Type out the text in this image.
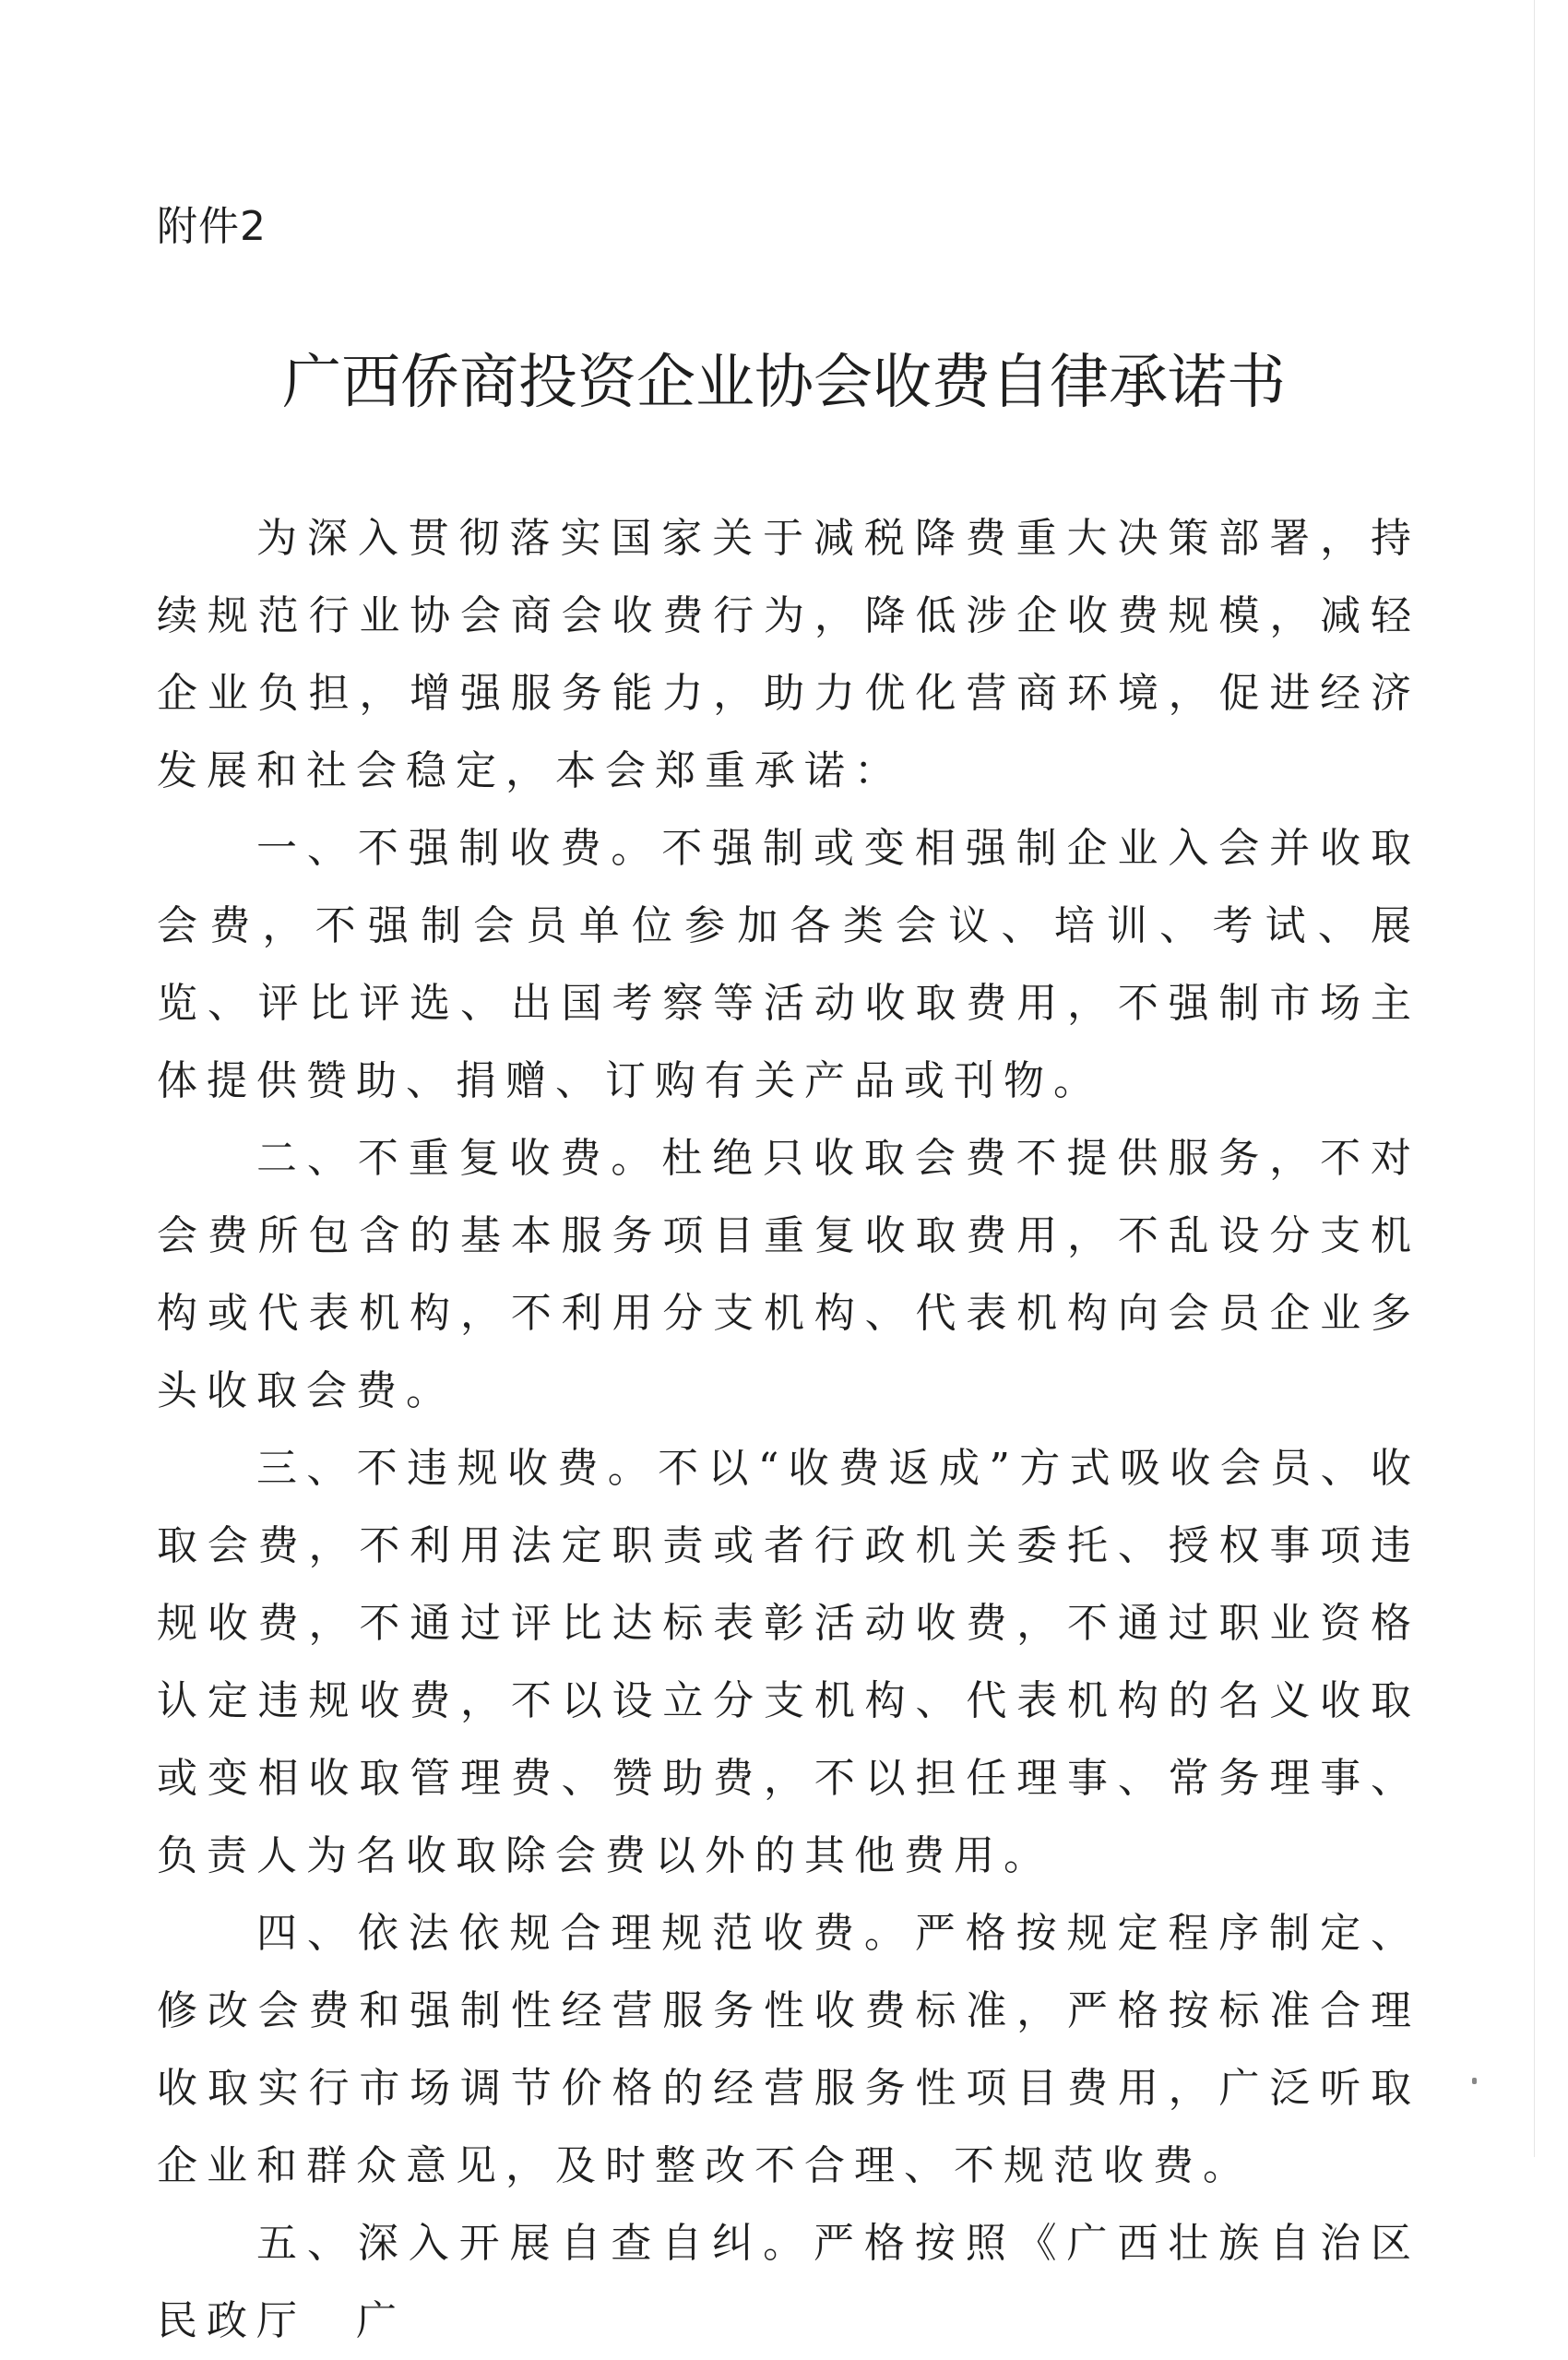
附件2
广西侨商投资企业协会收费自律承诺书

为深入贯彻落实国家关于减税降费重大决策部署，持续规范行业协会商会收费行为，降低涉企收费规模，减轻企业负担，增强服务能力，助力优化营商环境，促进经济发展和社会稳定，本会郑重承诺：

一、不强制收费。不强制或变相强制企业入会并收取会费，不强制会员单位参加各类会议、培训、考试、展览、评比评选、出国考察等活动收取费用，不强制市场主体提供赞助、捐赠、订购有关产品或刊物。

二、不重复收费。杜绝只收取会费不提供服务，不对会费所包含的基本服务项目重复收取费用，不乱设分支机构或代表机构，不利用分支机构、代表机构向会员企业多头收取会费。

三、不违规收费。不以“收费返成”方式吸收会员、收取会费，不利用法定职责或者行政机关委托、授权事项违规收费，不通过评比达标表彰活动收费，不通过职业资格认定违规收费，不以设立分支机构、代表机构的名义收取或变相收取管理费、赞助费，不以担任理事、常务理事、负责人为名收取除会费以外的其他费用。

四、依法依规合理规范收费。严格按规定程序制定、修改会费和强制性经营服务性收费标准，严格按标准合理收取实行市场调节价格的经营服务性项目费用，广泛听取企业和群众意见，及时整改不合理、不规范收费。

五、深入开展自查自纠。严格按照《广西壮族自治区民政厅　广
